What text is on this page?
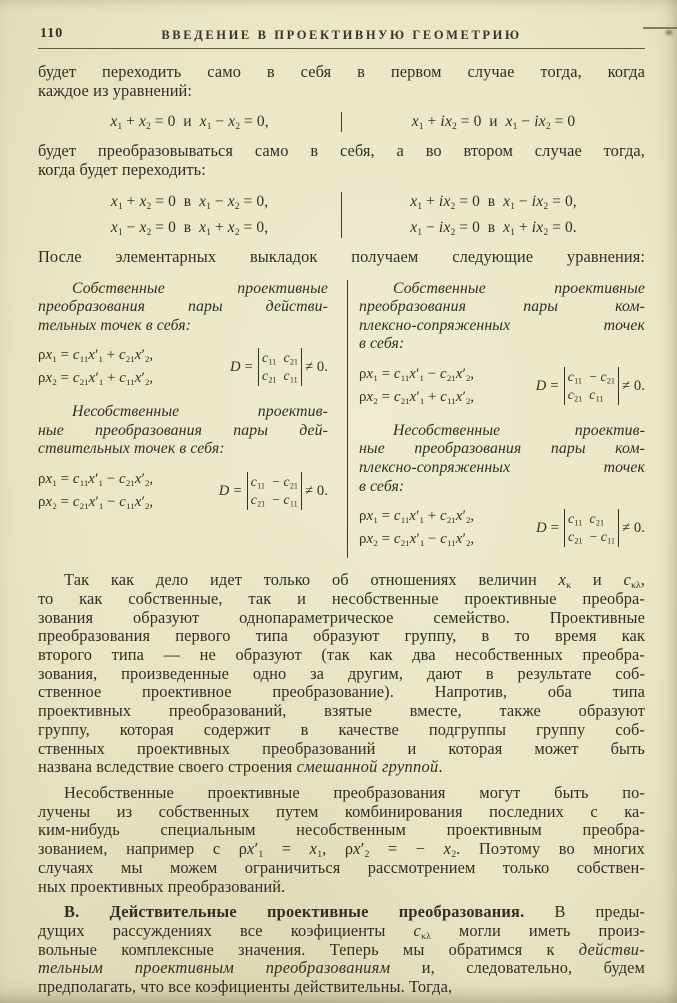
110	ВВЕДЕНИЕ В ПРОЕКТИВНУЮ ГЕОМЕТРИЮ
будет переходить само в себя в первом случае тогда, когда
каждое из уравнений:
$x_1 + x_2 = 0$ и $x_1 - x_2 = 0$,	$x_1 + ix_2 = 0$ и $x_1 - ix_2 = 0$
будет преобразовываться само в себя, а во втором случае тогда,
когда будет переходить:
$x_1 + x_2 = 0$ в $x_1 - x_2 = 0$,
$x_1 - x_2 = 0$ в $x_1 + x_2 = 0$,
$x_1 + ix_2 = 0$ в $x_1 - ix_2 = 0$,
$x_1 - ix_2 = 0$ в $x_1 + ix_2 = 0$.
После элементарных выкладок получаем следующие уравнения:
Собственные проективные
преобразования пары действи-
тельных точек в себя:
$\rho x_1 = c_{11}x'_1 + c_{21}x'_2$,
$\rho x_2 = c_{21}x'_1 + c_{11}x'_2$,
D =
$c_{11}$ $c_{21}$
$c_{21}$ $c_{11}$
≠ 0.
Несобственные проектив-
ные преобразования пары дей-
ствительных точек в себя:
$\rho x_1 = c_{11}x'_1 - c_{21}x'_2$,
$\rho x_2 = c_{21}x'_1 - c_{11}x'_2$,
D =
$c_{11} - c_{21}$
$c_{21} - c_{11}$
≠ 0.
Собственные проективные
преобразования пары ком-
плексно-сопряженных точек
в себя:
$\rho x_1 = c_{11}x'_1 - c_{21}x'_2$,
$\rho x_2 = c_{21}x'_1 + c_{11}x'_2$,
D =
$c_{11} - c_{21}$
$c_{21}$ $c_{11}$
≠ 0.
Несобственные проектив-
ные преобразования пары ком-
плексно-сопряженных точек
в себя:
$\rho x_1 = c_{11}x'_1 + c_{21}x'_2$,
$\rho x_2 = c_{21}x'_1 - c_{11}x'_2$,
D =
$c_{11}$ $c_{21}$
$c_{21} - c_{11}$
≠ 0.
Так как дело идет только об отношениях величин $x_\kappa$ и $c_{\kappa\lambda}$,
то как собственные, так и несобственные проективные преобра-
зования образуют однопараметрическое семейство. Проективные
преобразования первого типа образуют группу, в то время как
второго типа — не образуют (так как два несобственных преобра-
зования, произведенные одно за другим, дают в результате соб-
ственное проективное преобразование). Напротив, оба типа
проективных преобразований, взятые вместе, также образуют
группу, которая содержит в качестве подгруппы группу соб-
ственных проективных преобразований и которая может быть
названа вследствие своего строения смешанной группой.
Несобственные проективные преобразования могут быть по-
лучены из собственных путем комбинирования последних с ка-
ким-нибудь специальным несобственным проективным преобра-
зованием, например с $\rho x'_1 = x_1$, $\rho x'_2$ = − $x_2$. Поэтому во многих
случаях мы можем ограничиться рассмотрением только собствен-
ных проективных преобразований.
В. Действительные проективные преобразования. В преды-
дущих рассуждениях все коэфициенты $c_{\kappa\lambda}$ могли иметь произ-
вольные комплексные значения. Теперь мы обратимся к действи-
тельным проективным преобразованиям и, следовательно, будем
предполагать, что все коэфициенты действительны. Тогда,
